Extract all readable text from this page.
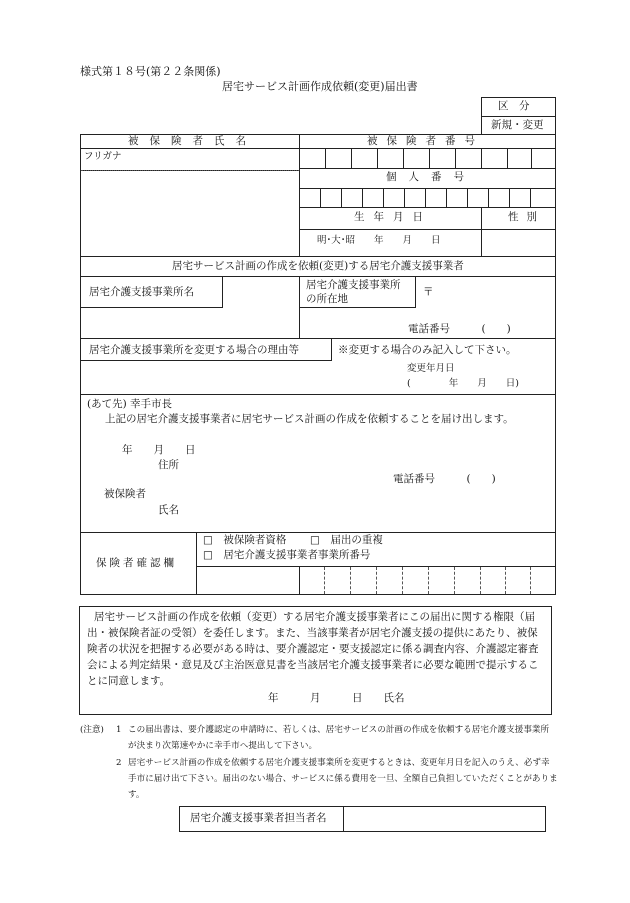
様式第１８号(第２２条関係)
居宅サービス計画作成依頼(変更)届出書
区　分
新規・変更
被保険者氏名	被保険者番号
フリガナ
個人番号
生年月日	性別
明･大･昭　　年　　月　　日
居宅サービス計画の作成を依頼(変更)する居宅介護支援事業者
居宅介護支援事業所名
居宅介護支援事業所
の所在地
〒
電話番号　　　(　　)
居宅介護支援事業所を変更する場合の理由等	※変更する場合のみ記入して下さい。
変更年月日
(　　　　年　　月　　日)
(あて先) 幸手市長
上記の居宅介護支援事業者に居宅サービス計画の作成を依頼することを届け出します。
年　　月　　日
住所
電話番号　　　(　　)
被保険者
氏名
保険者確認欄
□　被保険者資格 □　届出の重複
□　居宅介護支援事業者事業所番号
居宅サービス計画の作成を依頼（変更）する居宅介護支援事業者にこの届出に関する権限（届
出・被保険者証の受領）を委任します。また、当該事業者が居宅介護支援の提供にあたり、被保
険者の状況を把握する必要がある時は、要介護認定・要支援認定に係る調査内容、介護認定審査
会による判定結果・意見及び主治医意見書を当該居宅介護支援事業者に必要な範囲で提示するこ
とに同意します。
年　　　月　　　日　　氏名
(注意) 1 この届出書は、要介護認定の申請時に、若しくは、居宅サービスの計画の作成を依頼する居宅介護支援事業所
が決まり次第速やかに幸手市へ提出して下さい。
2 居宅サービス計画の作成を依頼する居宅介護支援事業所を変更するときは、変更年月日を記入のうえ、必ず幸
手市に届け出て下さい。届出のない場合、サービスに係る費用を一旦、全額自己負担していただくことがありま
す。
居宅介護支援事業者担当者名
